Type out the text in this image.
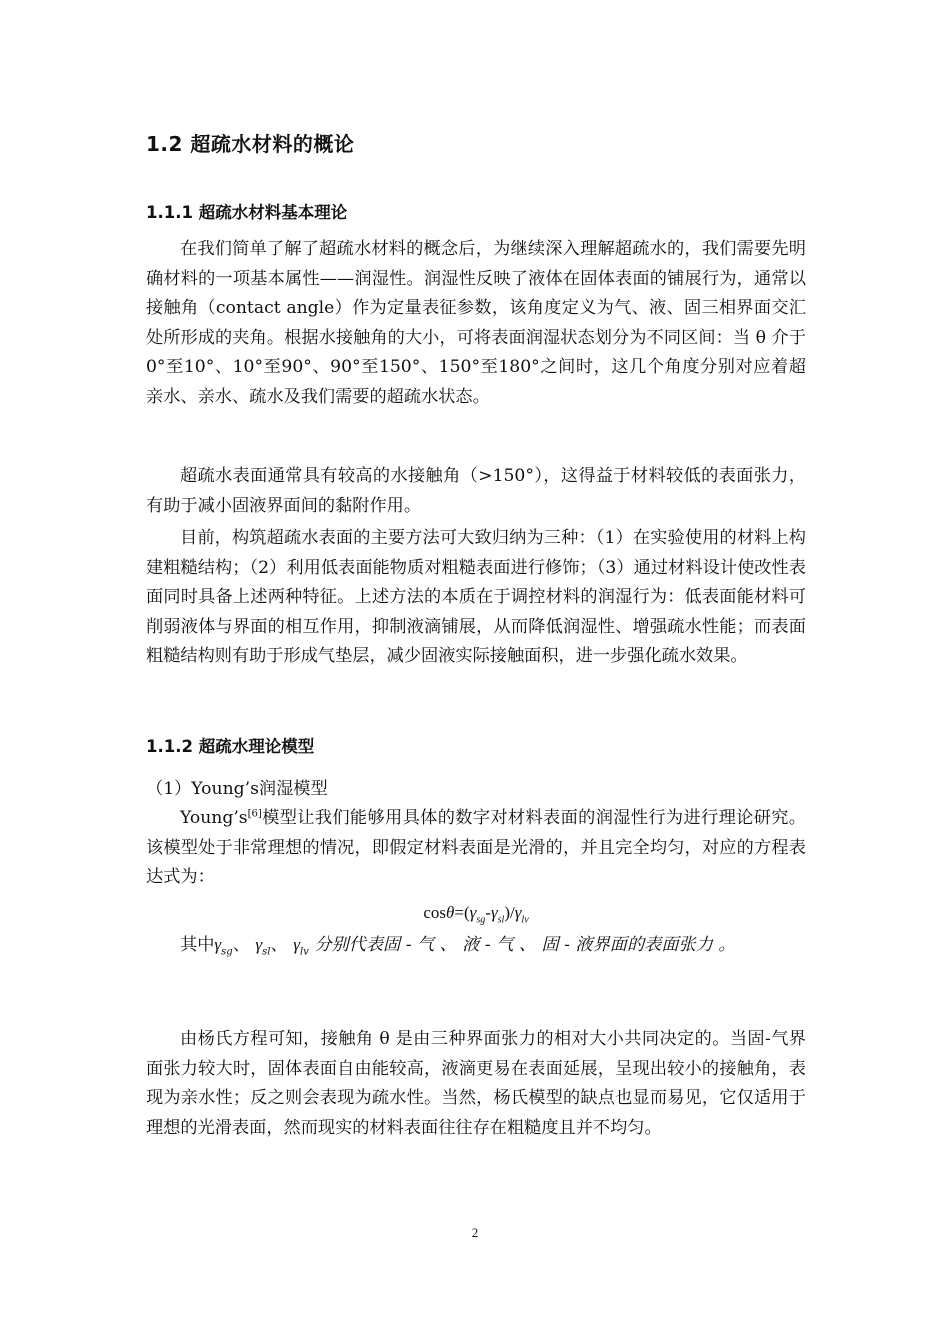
1.2 超疏水材料的概论
1.1.1 超疏水材料基本理论

在我们简单了解了超疏水材料的概念后，为继续深入理解超疏水的，我们需要先明确材料的一项基本属性——润湿性。润湿性反映了液体在固体表面的铺展行为，通常以接触角（contact angle）作为定量表征参数，该角度定义为气、液、固三相界面交汇处所形成的夹角。根据水接触角的大小，可将表面润湿状态划分为不同区间：当 θ 介于0°至10°、10°至90°、90°至150°、150°至180°之间时，这几个角度分别对应着超亲水、亲水、疏水及我们需要的超疏水状态。

超疏水表面通常具有较高的水接触角（>150°），这得益于材料较低的表面张力，有助于减小固液界面间的黏附作用。

目前，构筑超疏水表面的主要方法可大致归纳为三种：（1）在实验使用的材料上构建粗糙结构；（2）利用低表面能物质对粗糙表面进行修饰；（3）通过材料设计使改性表面同时具备上述两种特征。上述方法的本质在于调控材料的润湿行为：低表面能材料可削弱液体与界面的相互作用，抑制液滴铺展，从而降低润湿性、增强疏水性能；而表面粗糙结构则有助于形成气垫层，减少固液实际接触面积，进一步强化疏水效果。

1.1.2 超疏水理论模型
（1）Young’s润湿模型

Young’s[6]模型让我们能够用具体的数字对材料表面的润湿性行为进行理论研究。该模型处于非常理想的情况，即假定材料表面是光滑的，并且完全均匀，对应的方程表达式为：

$\cos\theta=(\gamma_{sg}-\gamma_{sl})/\gamma_{lv}$
其中$\gamma_{sg}$、 $\gamma_{sl}$、 $\gamma_{lv}$ 分别代表固 - 气 、 液 - 气 、 固 - 液界面的表面张力 。

由杨氏方程可知，接触角 θ 是由三种界面张力的相对大小共同决定的。当固-气界面张力较大时，固体表面自由能较高，液滴更易在表面延展，呈现出较小的接触角，表现为亲水性；反之则会表现为疏水性。当然，杨氏模型的缺点也显而易见，它仅适用于理想的光滑表面，然而现实的材料表面往往存在粗糙度且并不均匀。

2
